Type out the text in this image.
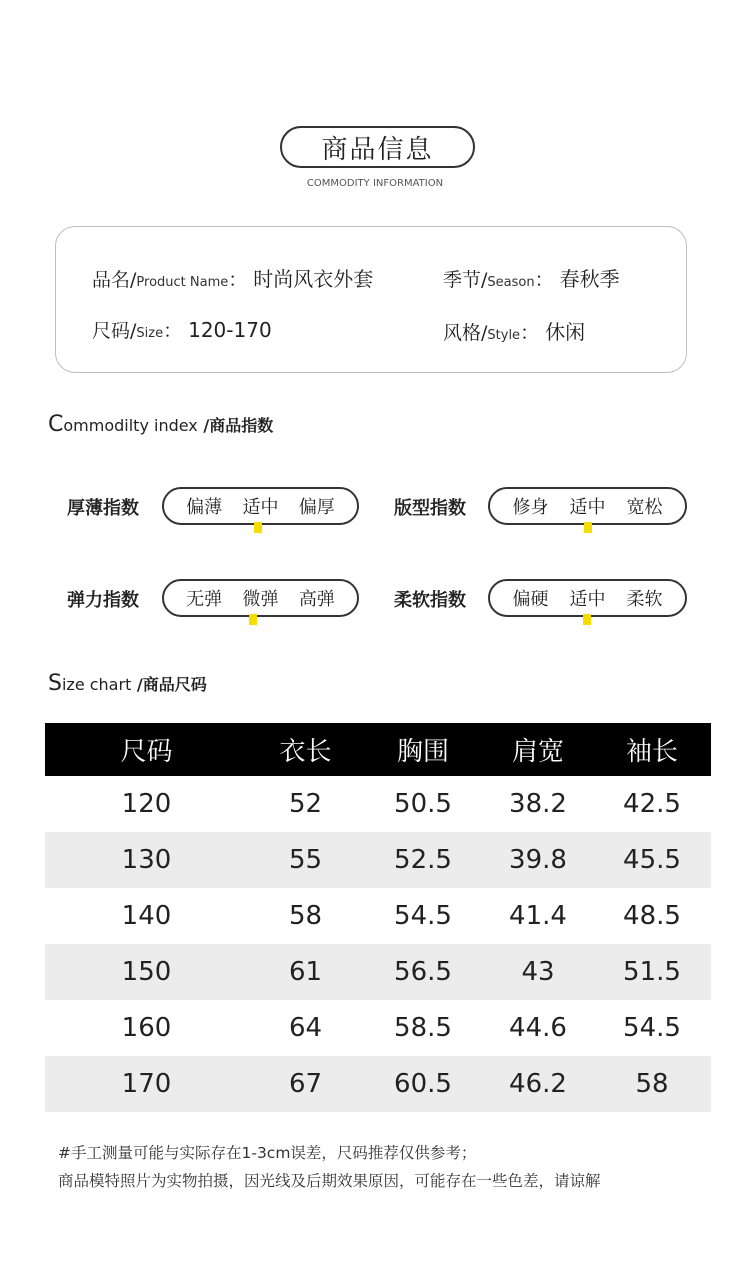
商品信息
COMMODITY INFORMATION
品名/ Product Name ： 时尚风衣外套	季节/ Season ： 春秋季
尺码/ Size ： 120-170	风格/ Style ： 休闲
Commodilty index /商品指数
厚薄指数	偏薄 适中 偏厚	版型指数	修身 适中 宽松
弹力指数	无弹 微弹 高弹	柔软指数	偏硬 适中 柔软
Size chart /商品尺码
尺码	衣长	胸围	肩宽	袖长
120	52	50.5	38.2	42.5
130	55	52.5	39.8	45.5
140	58	54.5	41.4	48.5
150	61	56.5	43	51.5
160	64	58.5	44.6	54.5
170	67	60.5	46.2	58
#手工测量可能与实际存在1-3cm误差，尺码推荐仅供参考；
商品模特照片为实物拍摄，因光线及后期效果原因，可能存在一些色差，请谅解
